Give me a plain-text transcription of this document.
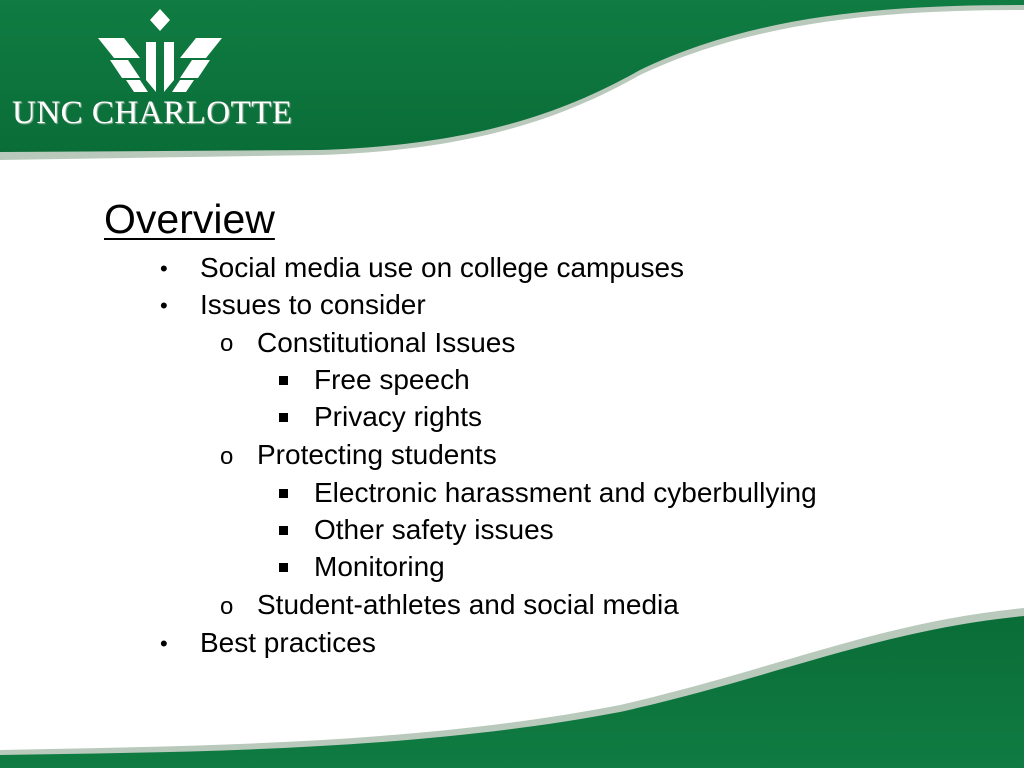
UNC CHARLOTTE
Overview
• Social media use on college campuses

• Issues to consider

o Constitutional Issues

Free speech

Privacy rights

o Protecting students

Electronic harassment and cyberbullying

Other safety issues

Monitoring

o Student-athletes and social media

• Best practices
